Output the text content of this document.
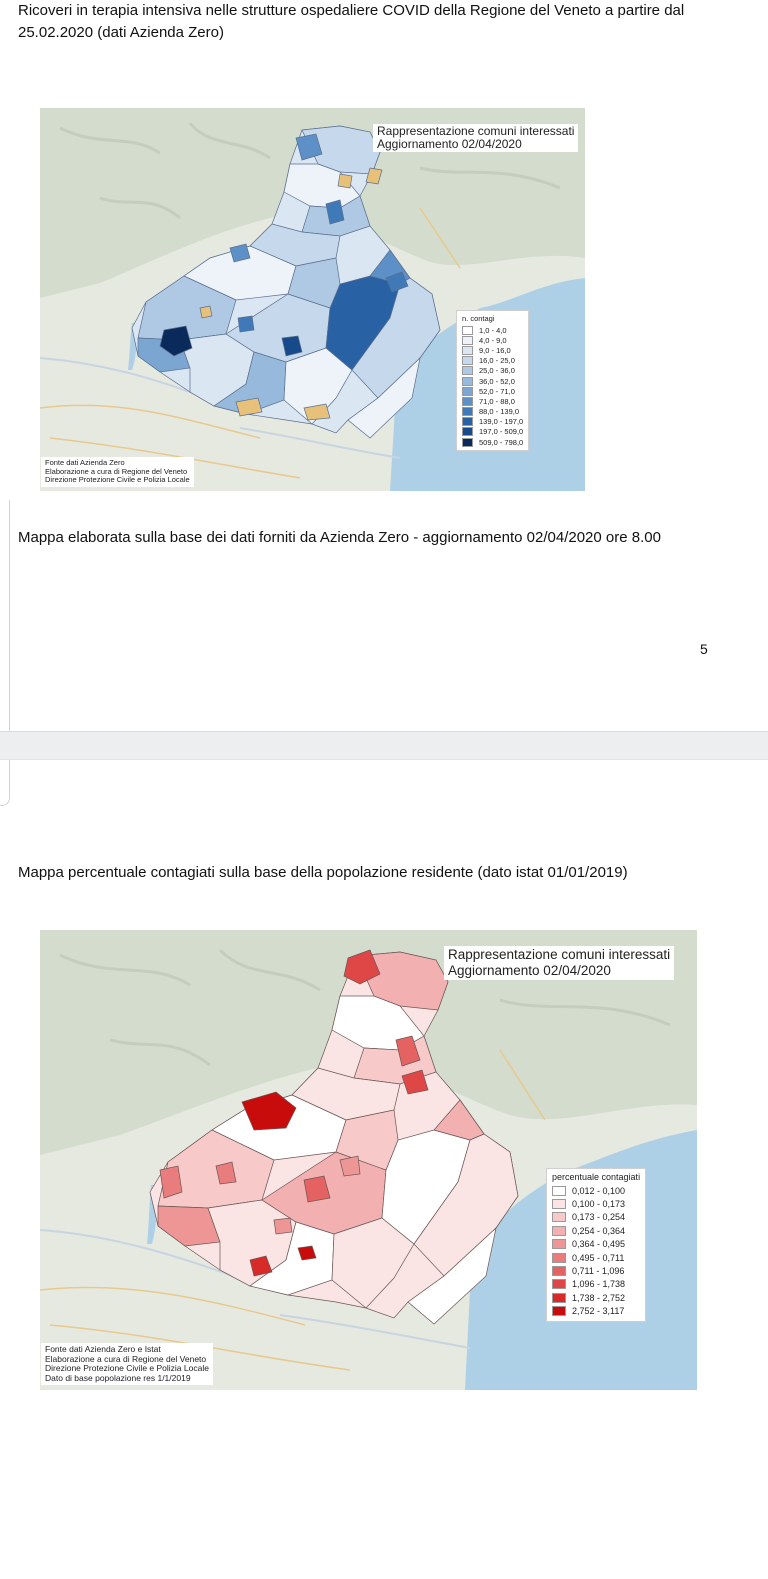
Ricoveri in terapia intensiva nelle strutture ospedaliere COVID della Regione del Veneto a partire dal 25.02.2020 (dati Azienda Zero)

Rappresentazione comuni interessati
Aggiornamento 02/04/2020
Fonte dati Azienda Zero
Elaborazione a cura di Regione del Veneto
Direzione Protezione Civile e Polizia Locale
n. contagi
1,0 - 4,0
4,0 - 9,0
9,0 - 16,0
16,0 - 25,0
25,0 - 36,0
36,0 - 52,0
52,0 - 71,0
71,0 - 88,0
88,0 - 139,0
139,0 - 197,0
197,0 - 509,0
509,0 - 798,0

Mappa elaborata sulla base dei dati forniti da Azienda Zero - aggiornamento 02/04/2020 ore 8.00

5

Mappa percentuale contagiati sulla base della popolazione residente (dato istat 01/01/2019)

Rappresentazione comuni interessati
Aggiornamento 02/04/2020
Fonte dati Azienda Zero e Istat
Elaborazione a cura di Regione del Veneto
Direzione Protezione Civile e Polizia Locale
Dato di base popolazione res 1/1/2019
percentuale contagiati
0,012 - 0,100
0,100 - 0,173
0,173 - 0,254
0,254 - 0,364
0,364 - 0,495
0,495 - 0,711
0,711 - 1,096
1,096 - 1,738
1,738 - 2,752
2,752 - 3,117
